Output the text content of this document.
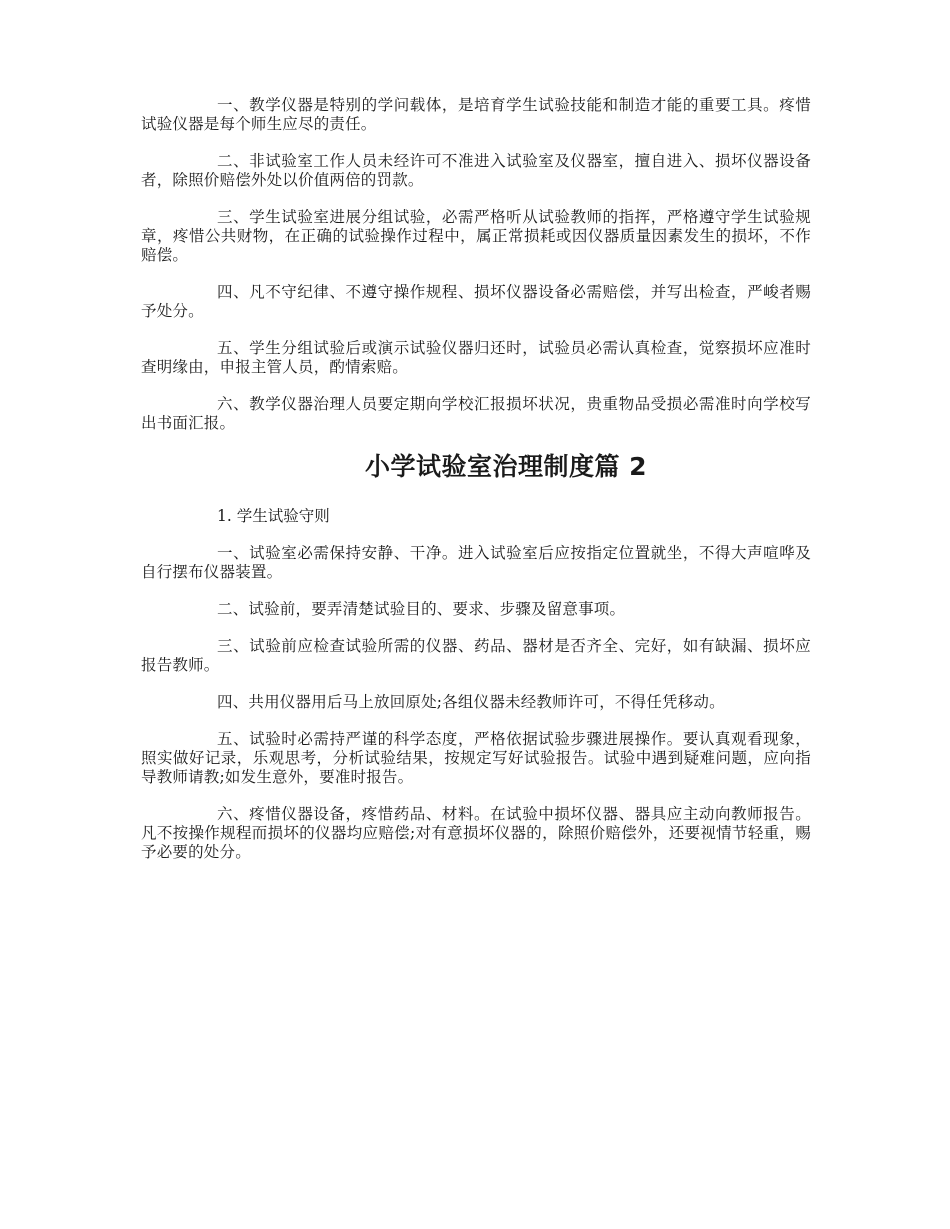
一、教学仪器是特别的学问载体，是培育学生试验技能和制造才能的重要工具。疼惜试验仪器是每个师生应尽的责任。

二、非试验室工作人员未经许可不准进入试验室及仪器室，擅自进入、损坏仪器设备者，除照价赔偿外处以价值两倍的罚款。

三、学生试验室进展分组试验，必需严格听从试验教师的指挥，严格遵守学生试验规章，疼惜公共财物，在正确的试验操作过程中，属正常损耗或因仪器质量因素发生的损坏，不作赔偿。

四、凡不守纪律、不遵守操作规程、损坏仪器设备必需赔偿，并写出检查，严峻者赐予处分。

五、学生分组试验后或演示试验仪器归还时，试验员必需认真检查，觉察损坏应准时查明缘由，申报主管人员，酌情索赔。

六、教学仪器治理人员要定期向学校汇报损坏状况，贵重物品受损必需准时向学校写出书面汇报。

小学试验室治理制度篇 2

1. 学生试验守则

一、试验室必需保持安静、干净。进入试验室后应按指定位置就坐，不得大声喧哗及自行摆布仪器装置。

二、试验前，要弄清楚试验目的、要求、步骤及留意事项。

三、试验前应检查试验所需的仪器、药品、器材是否齐全、完好，如有缺漏、损坏应报告教师。

四、共用仪器用后马上放回原处;各组仪器未经教师许可，不得任凭移动。

五、试验时必需持严谨的科学态度，严格依据试验步骤进展操作。要认真观看现象，照实做好记录，乐观思考，分析试验结果，按规定写好试验报告。试验中遇到疑难问题，应向指导教师请教;如发生意外，要准时报告。

六、疼惜仪器设备，疼惜药品、材料。在试验中损坏仪器、器具应主动向教师报告。凡不按操作规程而损坏的仪器均应赔偿;对有意损坏仪器的，除照价赔偿外，还要视情节轻重，赐予必要的处分。
